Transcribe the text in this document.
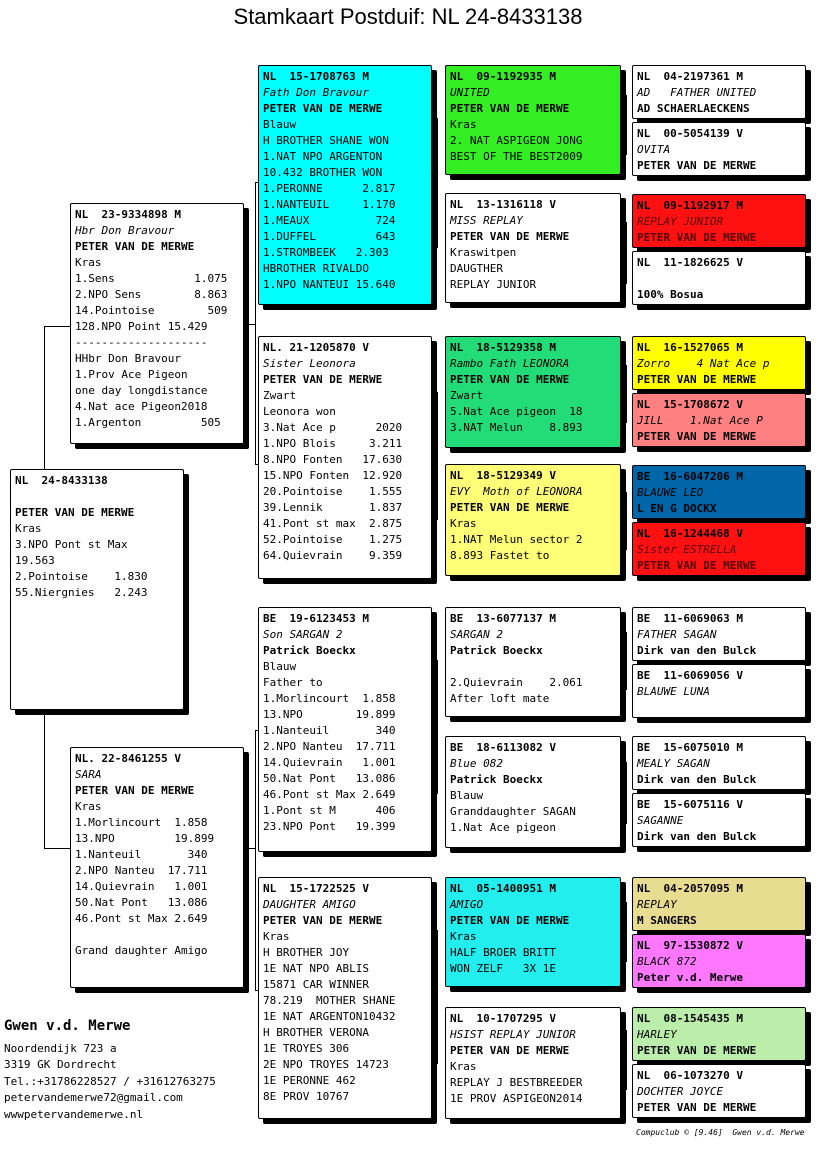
Stamkaart Postduif: NL 24-8433138
NL  24-8433138
PETER VAN DE MERWE
Kras
3.NPO Pont st Max
19.563
2.Pointoise    1.830
55.Niergnies   2.243
NL  23-9334898 M
Hbr Don Bravour
PETER VAN DE MERWE
Kras
1.Sens            1.075
2.NPO Sens        8.863
14.Pointoise        509
128.NPO Point 15.429
--------------------
HHbr Don Bravour
1.Prov Ace Pigeon
one day longdistance
4.Nat ace Pigeon2018
1.Argenton         505
NL. 22-8461255 V
SARA
PETER VAN DE MERWE
Kras
1.Morlincourt  1.858
13.NPO         19.899
1.Nanteuil       340
2.NPO Nanteu  17.711
14.Quievrain   1.001
50.Nat Pont   13.086
46.Pont st Max 2.649
Grand daughter Amigo
NL  15-1708763 M
Fath Don Bravour
PETER VAN DE MERWE
Blauw
H BROTHER SHANE WON
1.NAT NPO ARGENTON
10.432 BROTHER WON
1.PERONNE      2.817
1.NANTEUIL     1.170
1.MEAUX          724
1.DUFFEL         643
1.STROMBEEK   2.303
HBROTHER RIVALDO
1.NPO NANTEUI 15.640
NL. 21-1205870 V
Sister Leonora
PETER VAN DE MERWE
Zwart
Leonora won
3.Nat Ace p      2020
1.NPO Blois     3.211
8.NPO Fonten   17.630
15.NPO Fonten  12.920
20.Pointoise    1.555
39.Lennik       1.837
41.Pont st max  2.875
52.Pointoise    1.275
64.Quievrain    9.359
BE  19-6123453 M
Son SARGAN 2
Patrick Boeckx
Blauw
Father to
1.Morlincourt  1.858
13.NPO        19.899
1.Nanteuil       340
2.NPO Nanteu  17.711
14.Quievrain   1.001
50.Nat Pont   13.086
46.Pont st Max 2.649
1.Pont st M      406
23.NPO Pont   19.399
NL  15-1722525 V
DAUGHTER AMIGO
PETER VAN DE MERWE
Kras
H BROTHER JOY
1E NAT NPO ABLIS
15871 CAR WINNER
78.219  MOTHER SHANE
1E NAT ARGENTON10432
H BROTHER VERONA
1E TROYES 306
2E NPO TROYES 14723
1E PERONNE 462
8E PROV 10767
NL  09-1192935 M
UNITED
PETER VAN DE MERWE
Kras
2. NAT ASPIGEON JONG
BEST OF THE BEST2009
NL  13-1316118 V
MISS REPLAY
PETER VAN DE MERWE
Kraswitpen
DAUGTHER
REPLAY JUNIOR
NL  18-5129358 M
Rambo Fath LEONORA
PETER VAN DE MERWE
Zwart
5.Nat Ace pigeon  18
3.NAT Melun    8.893
NL  18-5129349 V
EVY  Moth of LEONORA
PETER VAN DE MERWE
Kras
1.NAT Melun sector 2
8.893 Fastet to
BE  13-6077137 M
SARGAN 2
Patrick Boeckx
2.Quievrain    2.061
After loft mate
BE  18-6113082 V
Blue 082
Patrick Boeckx
Blauw
Granddaughter SAGAN
1.Nat Ace pigeon
NL  05-1400951 M
AMIGO
PETER VAN DE MERWE
Kras
HALF BROER BRITT
WON ZELF   3X 1E
NL  10-1707295 V
HSIST REPLAY JUNIOR
PETER VAN DE MERWE
Kras
REPLAY J BESTBREEDER
1E PROV ASPIGEON2014
NL  04-2197361 M
AD   FATHER UNITED
AD SCHAERLAECKENS
NL  00-5054139 V
OVITA
PETER VAN DE MERWE
NL  09-1192917 M
REPLAY JUNIOR
PETER VAN DE MERWE
NL  11-1826625 V
100% Bosua
NL  16-1527065 M
Zorro    4 Nat Ace p
PETER VAN DE MERWE
NL  15-1708672 V
JILL    1.Nat Ace P
PETER VAN DE MERWE
BE  16-6047206 M
BLAUWE LEO
L EN G DOCKX
NL  16-1244468 V
Sister ESTRELLA
PETER VAN DE MERWE
BE  11-6069063 M
FATHER SAGAN
Dirk van den Bulck
BE  11-6069056 V
BLAUWE LUNA
BE  15-6075010 M
MEALY SAGAN
Dirk van den Bulck
BE  15-6075116 V
SAGANNE
Dirk van den Bulck
NL  04-2057095 M
REPLAY
M SANGERS
NL  97-1530872 V
BLACK 872
Peter v.d. Merwe
NL  08-1545435 M
HARLEY
PETER VAN DE MERWE
NL  06-1073270 V
DOCHTER JOYCE
PETER VAN DE MERWE
Gwen v.d. Merwe
Noordendijk 723 a
3319 GK Dordrecht
Tel.:+31786228527 / +31612763275
petervandemerwe72@gmail.com
wwwpetervandemerwe.nl
Compuclub © [9.46]  Gwen v.d. Merwe
